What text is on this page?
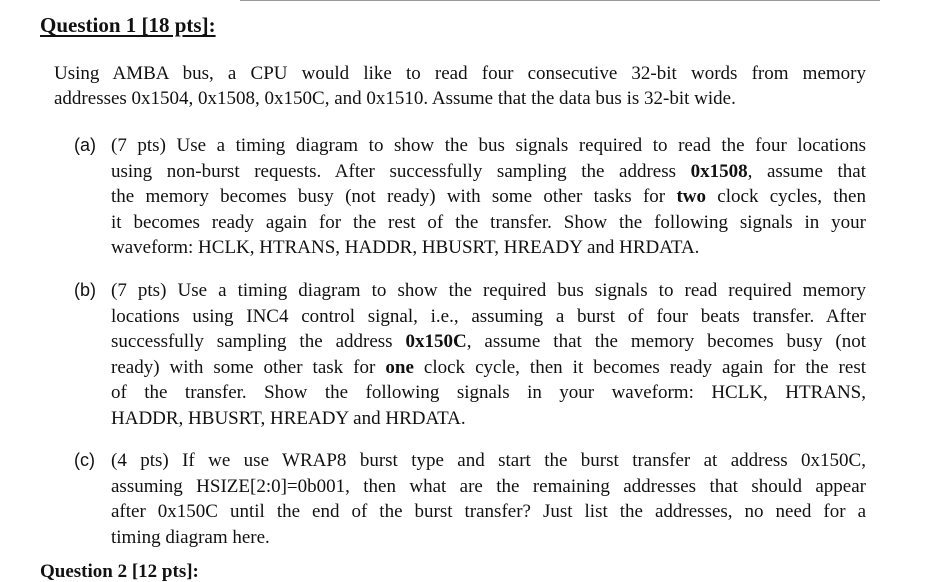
Question 1 [18 pts]:

Using AMBA bus, a CPU would like to read four consecutive 32-bit words from memory
addresses 0x1504, 0x1508, 0x150C, and 0x1510. Assume that the data bus is 32-bit wide.

(a) (7 pts) Use a timing diagram to show the bus signals required to read the four locations
using non-burst requests. After successfully sampling the address 0x1508, assume that
the memory becomes busy (not ready) with some other tasks for two clock cycles, then
it becomes ready again for the rest of the transfer. Show the following signals in your
waveform: HCLK, HTRANS, HADDR, HBUSRT, HREADY and HRDATA.
(b) (7 pts) Use a timing diagram to show the required bus signals to read required memory
locations using INC4 control signal, i.e., assuming a burst of four beats transfer. After
successfully sampling the address 0x150C, assume that the memory becomes busy (not
ready) with some other task for one clock cycle, then it becomes ready again for the rest
of the transfer. Show the following signals in your waveform: HCLK, HTRANS,
HADDR, HBUSRT, HREADY and HRDATA.
(c) (4 pts) If we use WRAP8 burst type and start the burst transfer at address 0x150C,
assuming HSIZE[2:0]=0b001, then what are the remaining addresses that should appear
after 0x150C until the end of the burst transfer? Just list the addresses, no need for a
timing diagram here.
Question 2 [12 pts]:
